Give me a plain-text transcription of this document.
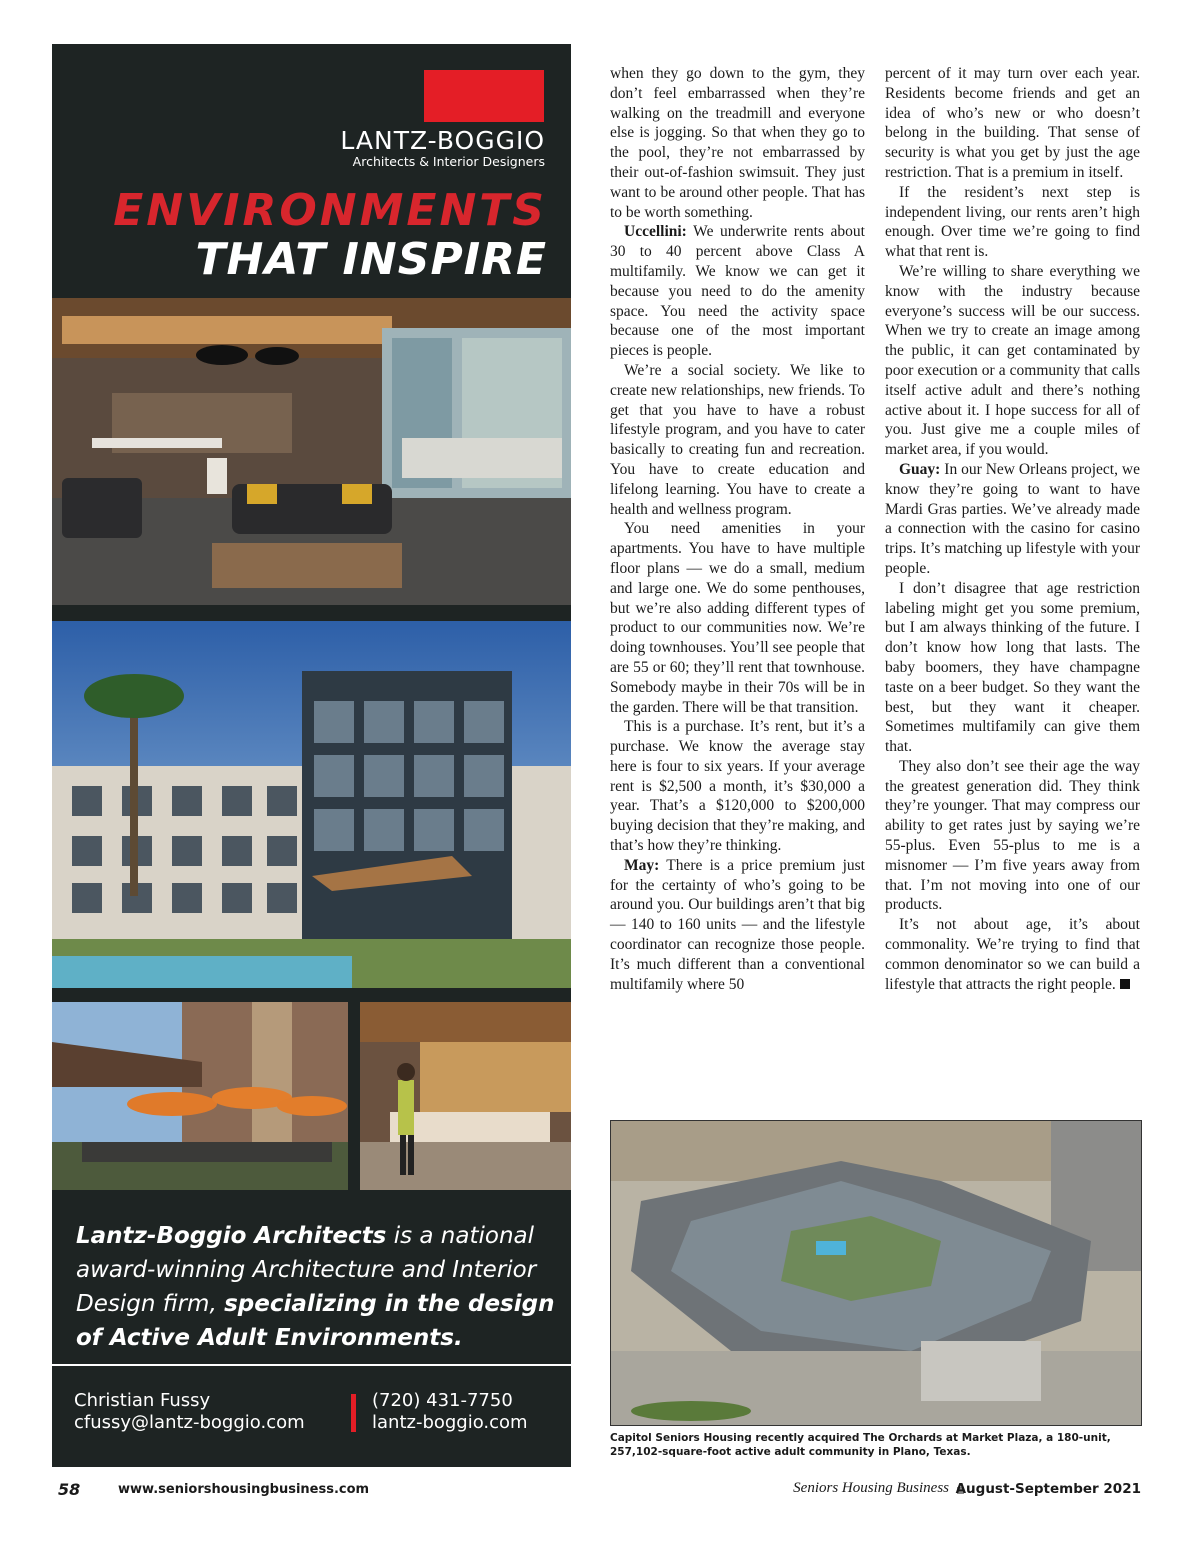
LANTZ-BOGGIO
Architects & Interior Designers
ENVIRONMENTS
THAT INSPIRE
Lantz-Boggio Architects is a national award-winning Architecture and Interior Design firm, specializing in the design of Active Adult Environments.
Christian Fussy
cfussy@lantz-boggio.com
(720) 431-7750
lantz-boggio.com

when they go down to the gym, they don’t feel embarrassed when they’re walking on the treadmill and everyone else is jogging. So that when they go to the pool, they’re not embarrassed by their out-of-fashion swimsuit. They just want to be around other people. That has to be worth something.

Uccellini: We underwrite rents about 30 to 40 percent above Class A multifamily. We know we can get it because you need to do the amenity space. You need the activity space because one of the most important pieces is people.

We’re a social society. We like to create new relationships, new friends. To get that you have to have a robust lifestyle program, and you have to cater basically to creating fun and recreation. You have to create education and lifelong learning. You have to create a health and wellness program.

You need amenities in your apartments. You have to have multiple floor plans — we do a small, medium and large one. We do some penthouses, but we’re also adding different types of product to our communities now. We’re doing townhouses. You’ll see people that are 55 or 60; they’ll rent that townhouse. Somebody maybe in their 70s will be in the garden. There will be that transition.

This is a purchase. It’s rent, but it’s a purchase. We know the average stay here is four to six years. If your average rent is $2,500 a month, it’s $30,000 a year. That’s a $120,000 to $200,000 buying decision that they’re making, and that’s how they’re thinking.

May: There is a price premium just for the certainty of who’s going to be around you. Our buildings aren’t that big — 140 to 160 units — and the lifestyle coordinator can recognize those people. It’s much different than a conventional multifamily where 50

percent of it may turn over each year. Residents become friends and get an idea of who’s new or who doesn’t belong in the building. That sense of security is what you get by just the age restriction. That is a premium in itself.

If the resident’s next step is independent living, our rents aren’t high enough. Over time we’re going to find what that rent is.

We’re willing to share everything we know with the industry because everyone’s success will be our success. When we try to create an image among the public, it can get contaminated by poor execution or a community that calls itself active adult and there’s nothing active about it. I hope success for all of you. Just give me a couple miles of market area, if you would.

Guay: In our New Orleans project, we know they’re going to want to have Mardi Gras parties. We’ve already made a connection with the casino for casino trips. It’s matching up lifestyle with your people.

I don’t disagree that age restriction labeling might get you some premium, but I am always thinking of the future. I don’t know how long that lasts. The baby boomers, they have champagne taste on a beer budget. So they want the best, but they want it cheaper. Sometimes multifamily can give them that.

They also don’t see their age the way the greatest generation did. They think they’re younger. That may compress our ability to get rates just by saying we’re 55-plus. Even 55-plus to me is a misnomer — I’m five years away from that. I’m not moving into one of our products.

It’s not about age, it’s about commonality. We’re trying to find that common denominator so we can build a lifestyle that attracts the right people.

Capitol Seniors Housing recently acquired The Orchards at Market Plaza, a 180-unit, 257,102-square-foot active adult community in Plano, Texas.
58	www.seniorshousingbusiness.com	Seniors Housing Business August-September 2021
